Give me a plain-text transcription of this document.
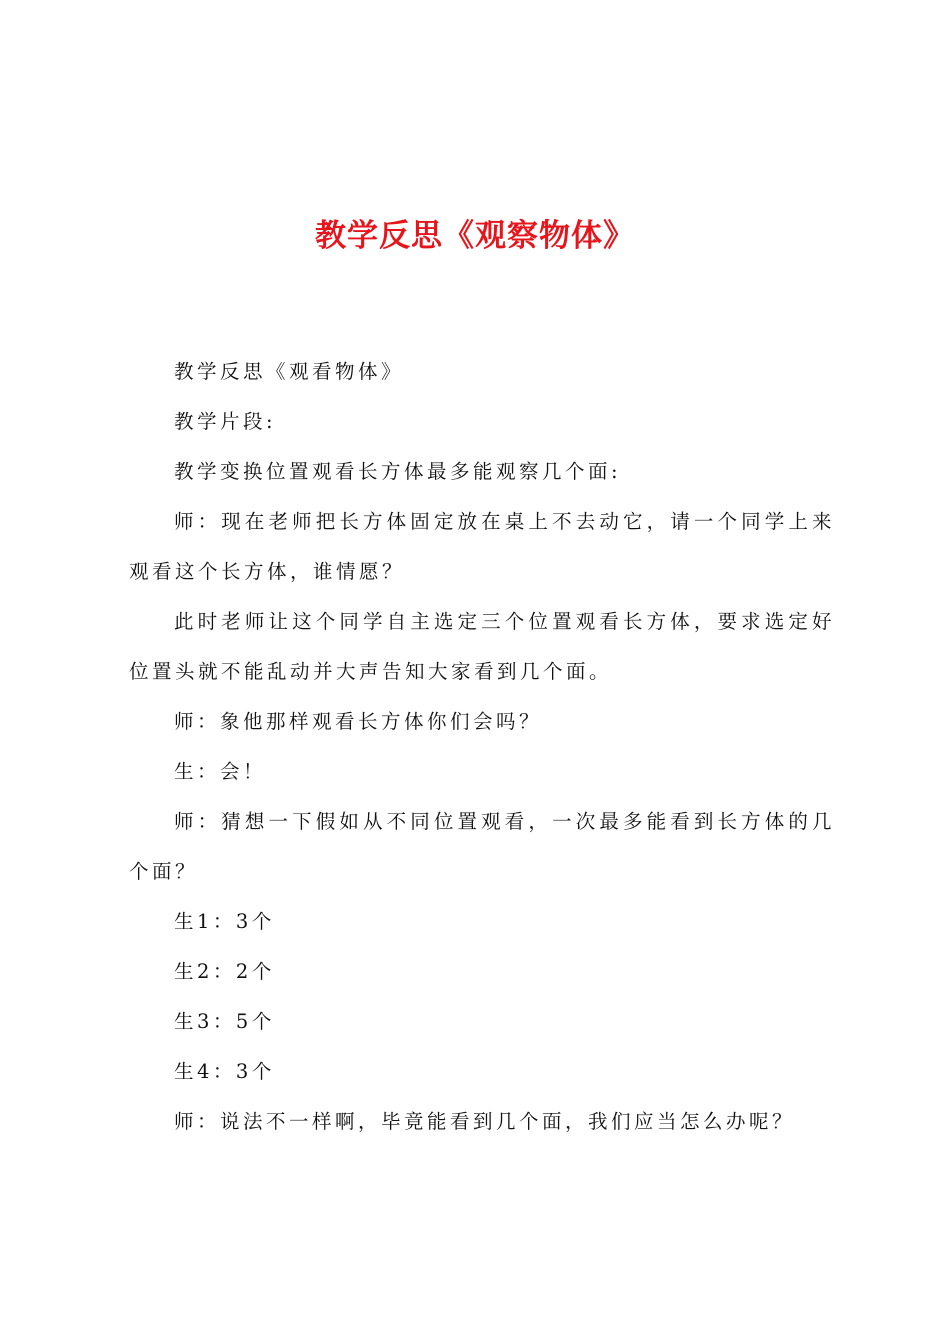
教学反思《观察物体》

教学反思《观看物体》

教学片段:

教学变换位置观看长方体最多能观察几个面:

师：现在老师把长方体固定放在桌上不去动它，请一个同学上来观看这个长方体，谁情愿？

此时老师让这个同学自主选定三个位置观看长方体，要求选定好位置头就不能乱动并大声告知大家看到几个面。

师：象他那样观看长方体你们会吗？

生：会！

师：猜想一下假如从不同位置观看，一次最多能看到长方体的几个面？

生1：3个

生2：2个

生3：5个

生4：3个

师：说法不一样啊，毕竟能看到几个面，我们应当怎么办呢？
